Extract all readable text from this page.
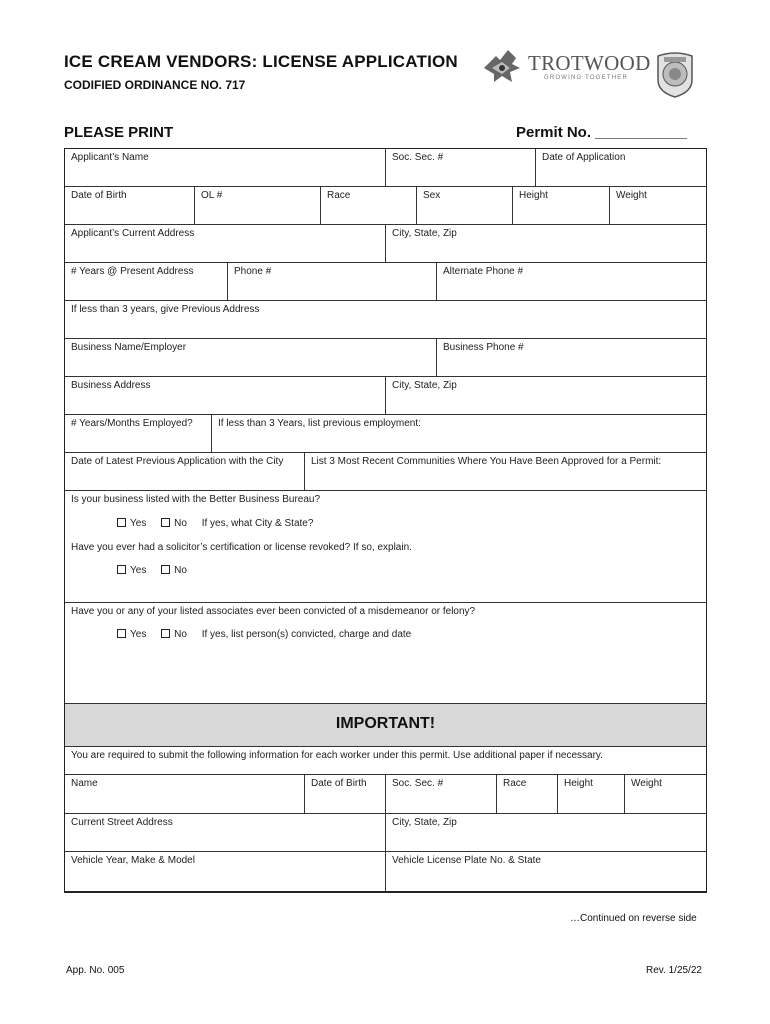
ICE CREAM VENDORS: LICENSE APPLICATION
CODIFIED ORDINANCE NO. 717
TROTWOOD
GROWING TOGETHER
PLEASE PRINT	Permit No. ___________
Applicant’s Name	Soc. Sec. #	Date of Application
Date of Birth	OL #	Race	Sex	Height	Weight
Applicant’s Current Address	City, State, Zip
# Years @ Present Address	Phone #	Alternate Phone #
If less than 3 years, give Previous Address
Business Name/Employer	Business Phone #
Business Address	City, State, Zip
# Years/Months Employed?	If less than 3 Years, list previous employment:
Date of Latest Previous Application with the City	List 3 Most Recent Communities Where You Have Been Approved for a Permit:
Is your business listed with the Better Business Bureau?
Yes	No If yes, what City & State?
Have you ever had a solicitor’s certification or license revoked? If so, explain.
Yes	No
Have you or any of your listed associates ever been convicted of a misdemeanor or felony?
Yes	No If yes, list person(s) convicted, charge and date
IMPORTANT!
You are required to submit the following information for each worker under this permit. Use additional paper if necessary.
Name	Date of Birth	Soc. Sec. #	Race	Height	Weight
Current Street Address	City, State, Zip
Vehicle Year, Make & Model	Vehicle License Plate No. & State
…Continued on reverse side
App. No. 005	Rev. 1/25/22
